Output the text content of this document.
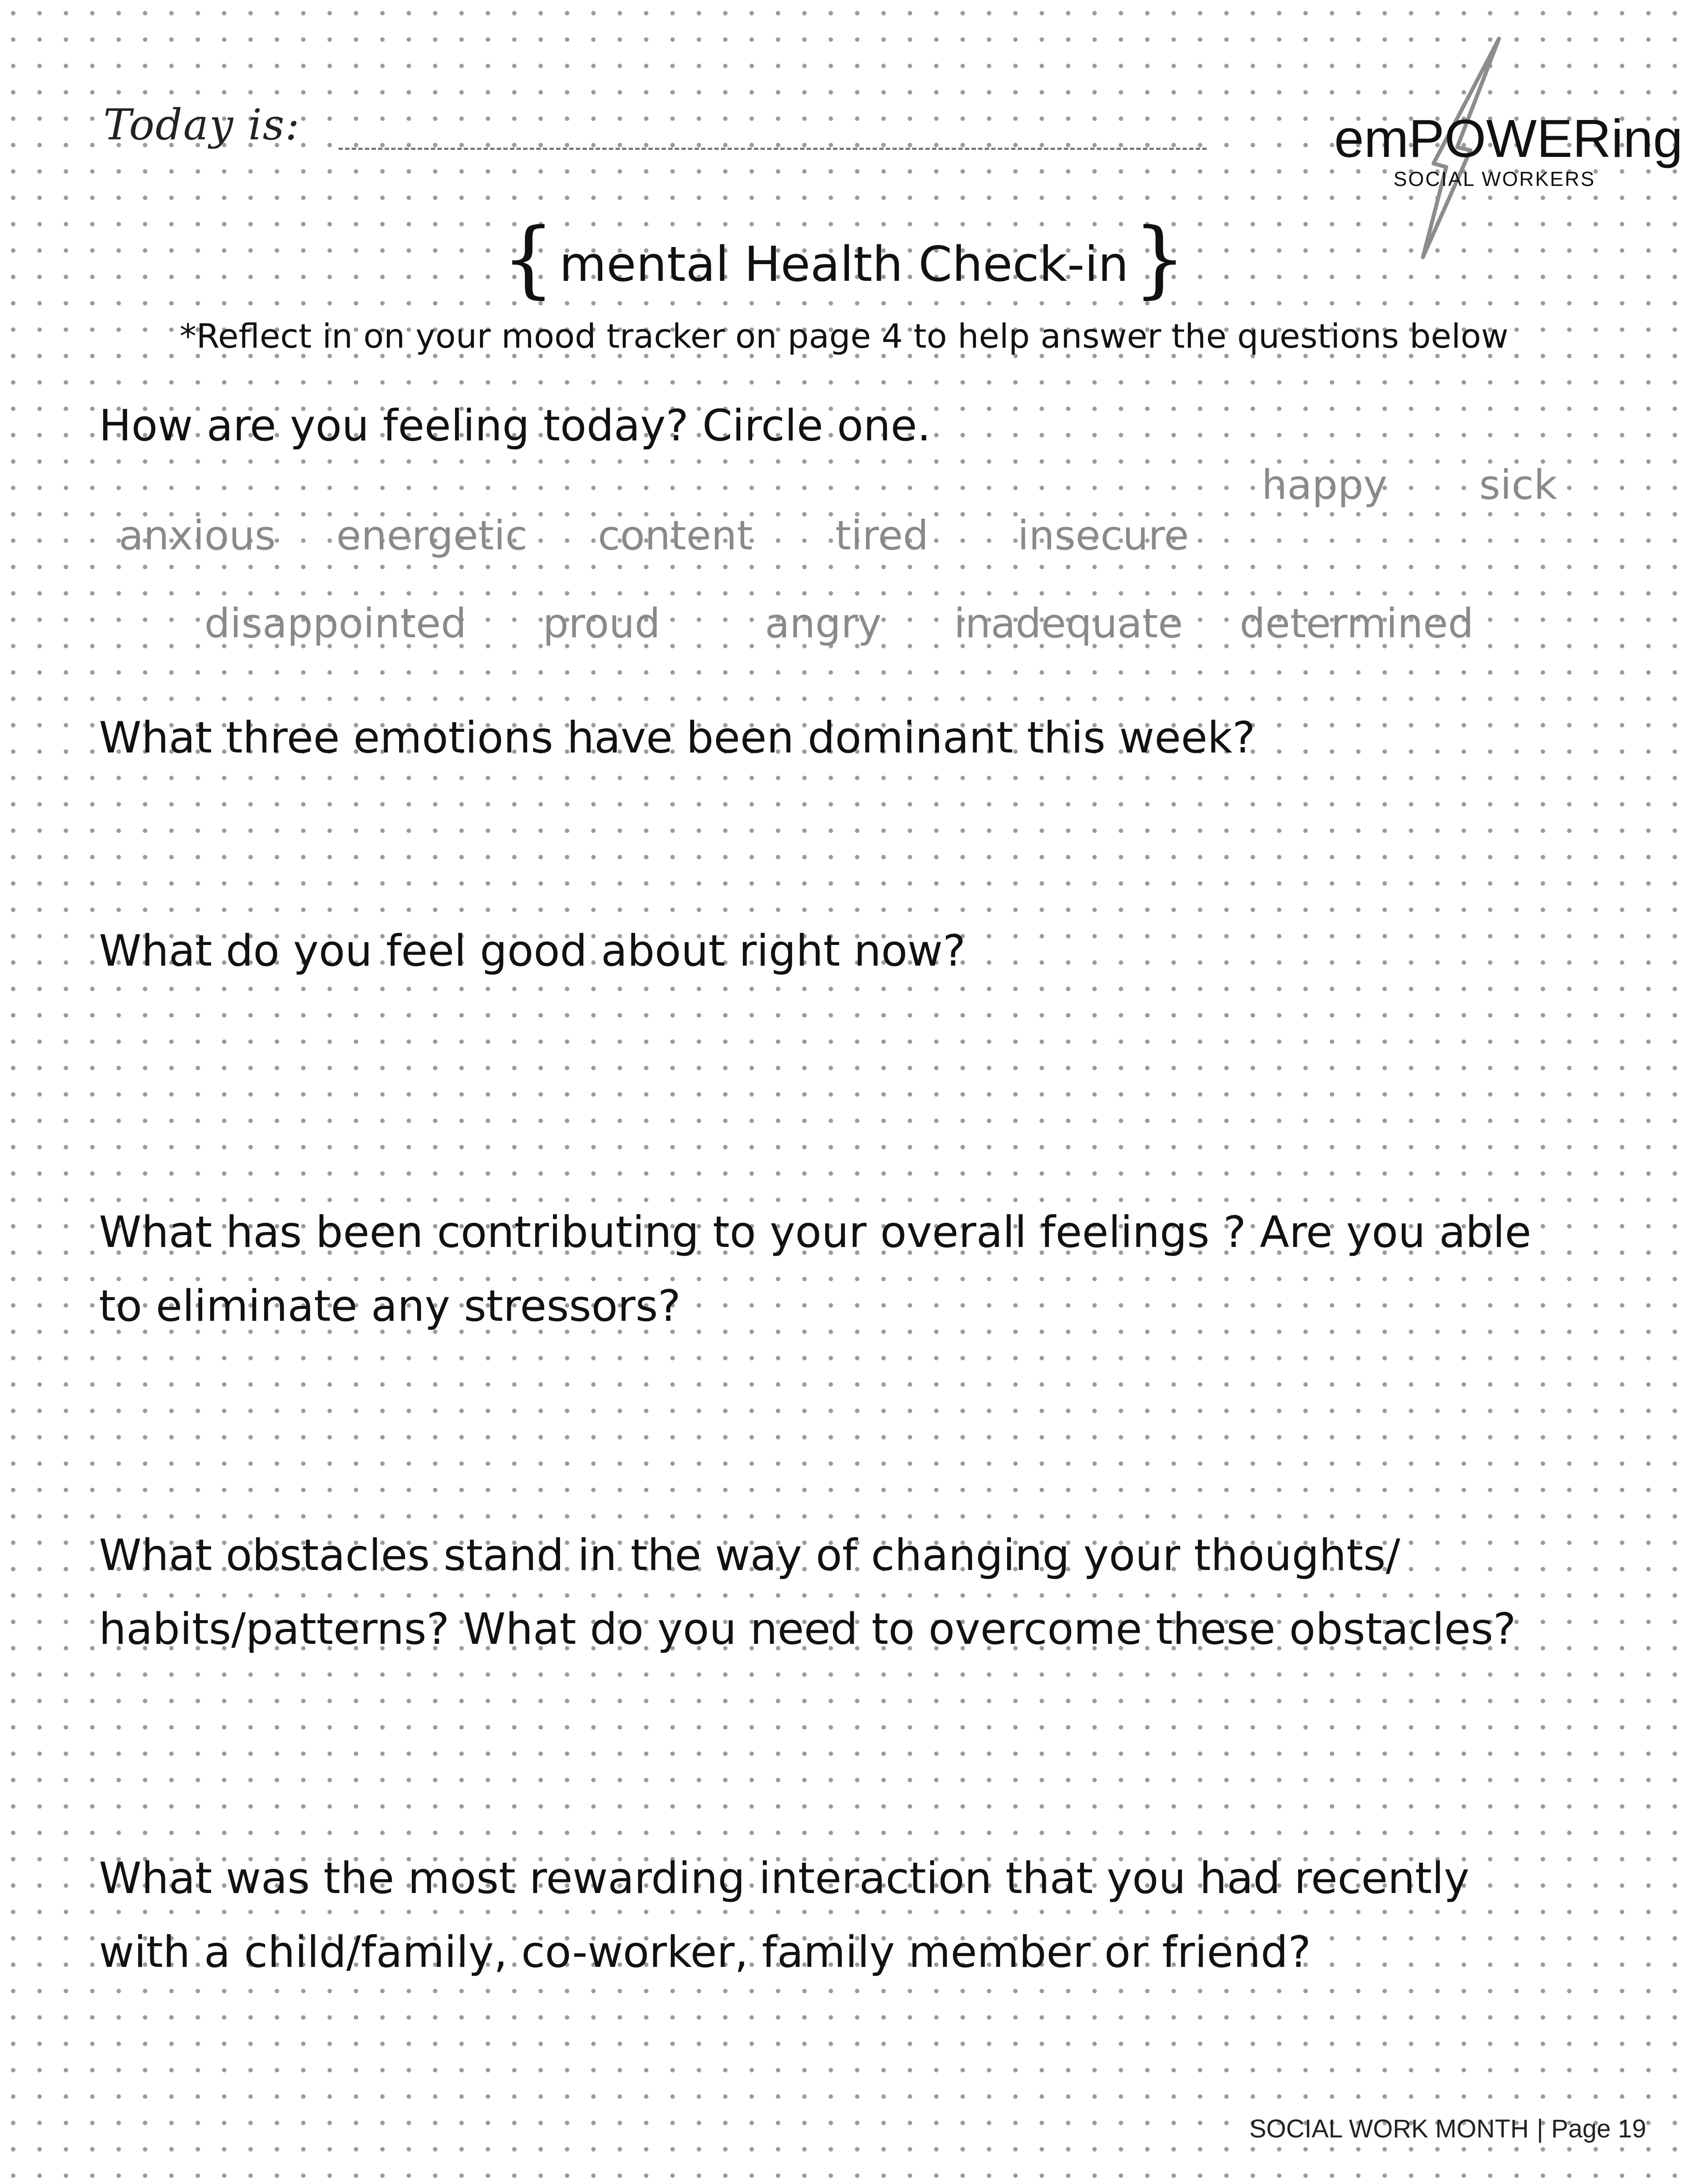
Today is:	emPOWERing
SOCIAL WORKERS
{mental Health Check-in}
*Reflect in on your mood tracker on page 4 to help answer the questions below
How are you feeling today? Circle one.
happy sick
anxious energetic content tired insecure
disappointed proud	angry inadequate determined
What three emotions have been dominant this week?
What do you feel good about right now?
What has been contributing to your overall feelings ? Are you able
to eliminate any stressors?
What obstacles stand in the way of changing your thoughts/
habits/patterns? What do you need to overcome these obstacles?
What was the most rewarding interaction that you had recently
with a child/family, co-worker, family member or friend?
SOCIAL WORK MONTH | Page 19
